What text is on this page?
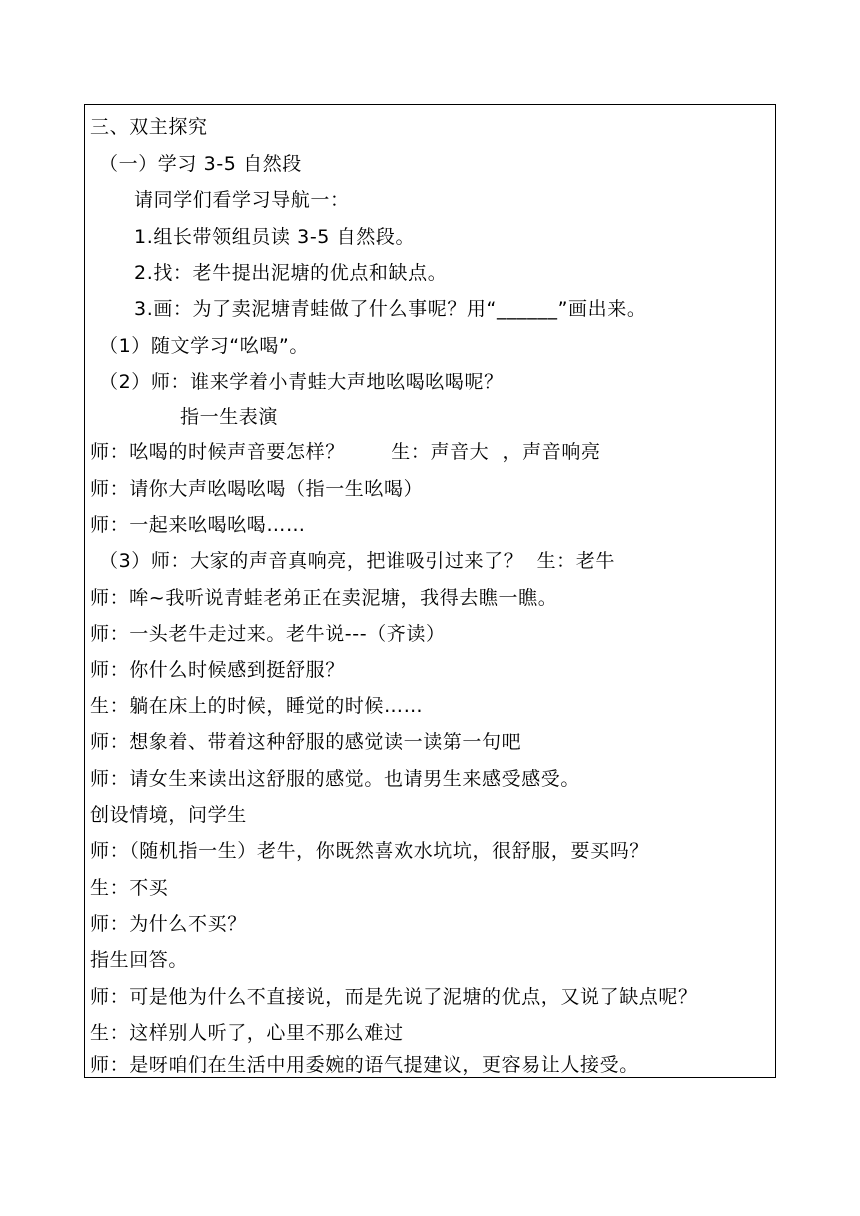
三、双主探究
（一）学习 3-5 自然段
请同学们看学习导航一：
1.组长带领组员读 3-5 自然段。
2.找：老牛提出泥塘的优点和缺点。
3.画：为了卖泥塘青蛙做了什么事呢？用“______”画出来。
（1）随文学习“吆喝”。
（2）师：谁来学着小青蛙大声地吆喝吆喝呢？
指一生表演
师：吆喝的时候声音要怎样？       生：声音大  ，声音响亮
师：请你大声吆喝吆喝（指一生吆喝）
师：一起来吆喝吆喝……
（3）师：大家的声音真响亮，把谁吸引过来了？  生：老牛
师：哞~我听说青蛙老弟正在卖泥塘，我得去瞧一瞧。
师：一头老牛走过来。老牛说---（齐读）
师：你什么时候感到挺舒服？
生：躺在床上的时候，睡觉的时候……
师：想象着、带着这种舒服的感觉读一读第一句吧
师：请女生来读出这舒服的感觉。也请男生来感受感受。
创设情境，问学生
师：（随机指一生）老牛，你既然喜欢水坑坑，很舒服，要买吗？
生：不买
师：为什么不买？
指生回答。
师：可是他为什么不直接说，而是先说了泥塘的优点，又说了缺点呢？
生：这样别人听了，心里不那么难过
师：是呀咱们在生活中用委婉的语气提建议，更容易让人接受。
